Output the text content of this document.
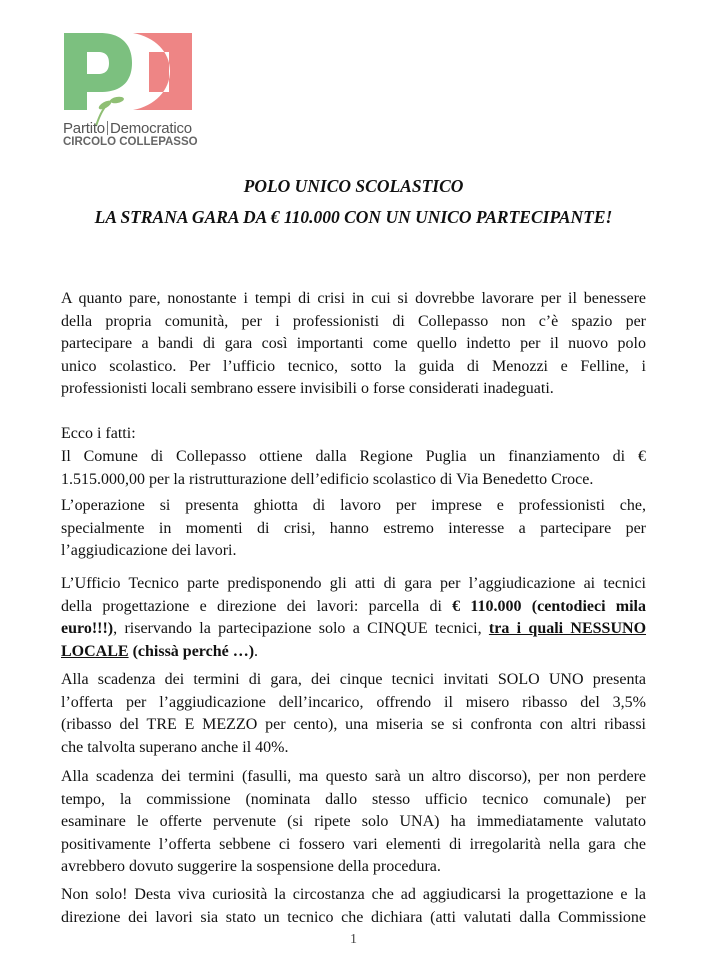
Partito Democratico
CIRCOLO COLLEPASSO
POLO UNICO SCOLASTICO
LA STRANA GARA DA € 110.000 CON UN UNICO PARTECIPANTE!
A quanto pare, nonostante i tempi di crisi in cui si dovrebbe lavorare per il benessere
della propria comunità, per i professionisti di Collepasso non c’è spazio per
partecipare a bandi di gara così importanti come quello indetto per il nuovo polo
unico scolastico. Per l’ufficio tecnico, sotto la guida di Menozzi e Felline, i
professionisti locali sembrano essere invisibili o forse considerati inadeguati.
Ecco i fatti:
Il Comune di Collepasso ottiene dalla Regione Puglia un finanziamento di €
1.515.000,00 per la ristrutturazione dell’edificio scolastico di Via Benedetto Croce.
L’operazione si presenta ghiotta di lavoro per imprese e professionisti che,
specialmente in momenti di crisi, hanno estremo interesse a partecipare per
l’aggiudicazione dei lavori.
L’Ufficio Tecnico parte predisponendo gli atti di gara per l’aggiudicazione ai tecnici
della progettazione e direzione dei lavori: parcella di € 110.000 (centodieci mila
euro!!!), riservando la partecipazione solo a CINQUE tecnici, tra i quali NESSUNO
LOCALE (chissà perché …).
Alla scadenza dei termini di gara, dei cinque tecnici invitati SOLO UNO presenta
l’offerta per l’aggiudicazione dell’incarico, offrendo il misero ribasso del 3,5%
(ribasso del TRE E MEZZO per cento), una miseria se si confronta con altri ribassi
che talvolta superano anche il 40%.
Alla scadenza dei termini (fasulli, ma questo sarà un altro discorso), per non perdere
tempo, la commissione (nominata dallo stesso ufficio tecnico comunale) per
esaminare le offerte pervenute (si ripete solo UNA) ha immediatamente valutato
positivamente l’offerta sebbene ci fossero vari elementi di irregolarità nella gara che
avrebbero dovuto suggerire la sospensione della procedura.
Non solo! Desta viva curiosità la circostanza che ad aggiudicarsi la progettazione e la
direzione dei lavori sia stato un tecnico che dichiara (atti valutati dalla Commissione
1
